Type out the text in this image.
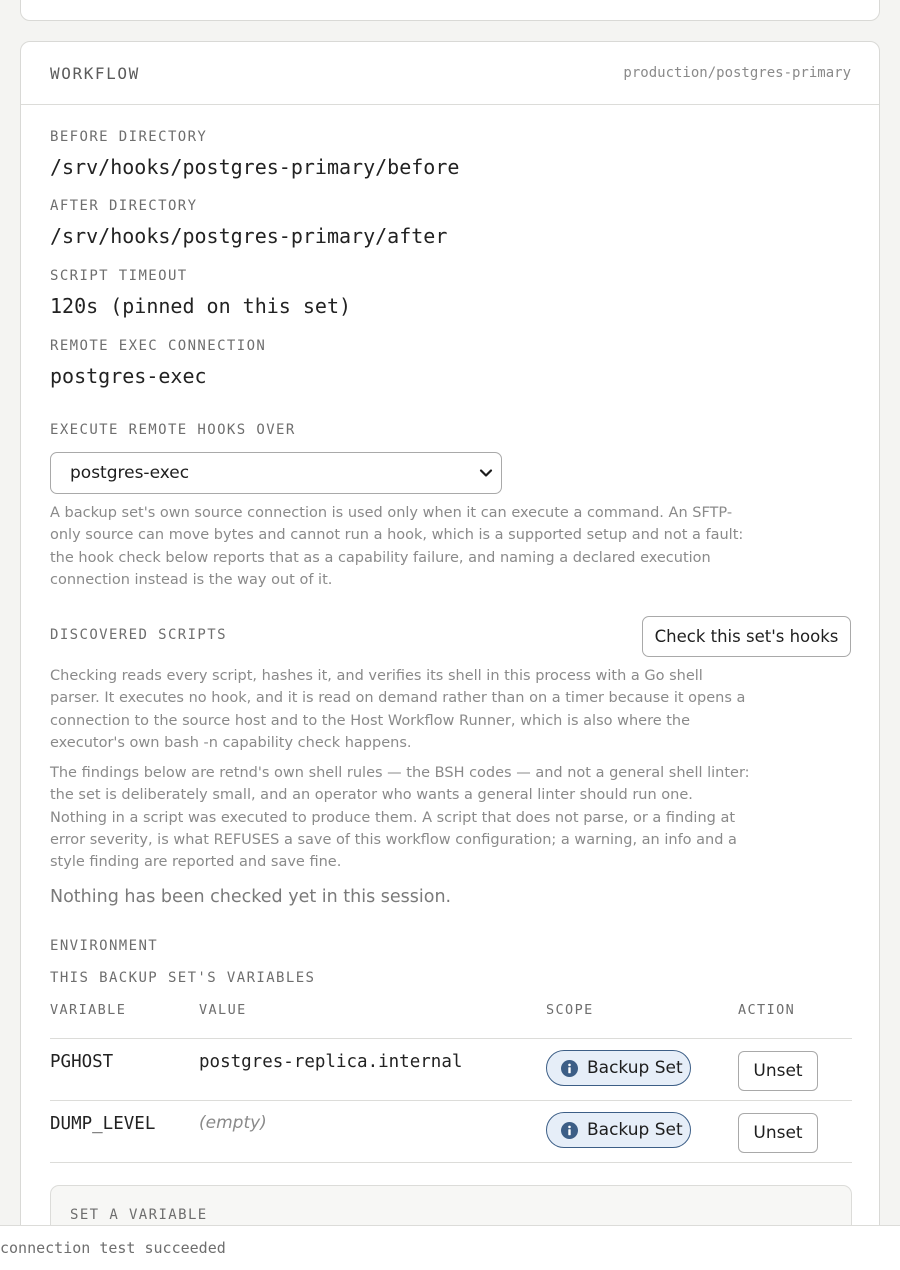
WORKFLOW	production/postgres-primary
BEFORE DIRECTORY
/srv/hooks/postgres-primary/before
AFTER DIRECTORY
/srv/hooks/postgres-primary/after
SCRIPT TIMEOUT
120s (pinned on this set)
REMOTE EXEC CONNECTION
postgres-exec
EXECUTE REMOTE HOOKS OVER
postgres-exec
A backup set's own source connection is used only when it can execute a command. An SFTP-only source can move bytes and cannot run a hook, which is a supported setup and not a fault: the hook check below reports that as a capability failure, and naming a declared execution connection instead is the way out of it.
DISCOVERED SCRIPTS	Check this set's hooks
Checking reads every script, hashes it, and verifies its shell in this process with a Go shell parser. It executes no hook, and it is read on demand rather than on a timer because it opens a connection to the source host and to the Host Workflow Runner, which is also where the executor's own bash -n capability check happens.
The findings below are retnd's own shell rules — the BSH codes — and not a general shell linter: the set is deliberately small, and an operator who wants a general linter should run one. Nothing in a script was executed to produce them. A script that does not parse, or a finding at error severity, is what REFUSES a save of this workflow configuration; a warning, an info and a style finding are reported and save fine.
Nothing has been checked yet in this session.
ENVIRONMENT
THIS BACKUP SET'S VARIABLES
VARIABLE	VALUE	SCOPE	ACTION
PGHOST	postgres-replica.internal	Backup Set	Unset
DUMP_LEVEL	(empty)	Backup Set	Unset
SET A VARIABLE
connection test succeeded
